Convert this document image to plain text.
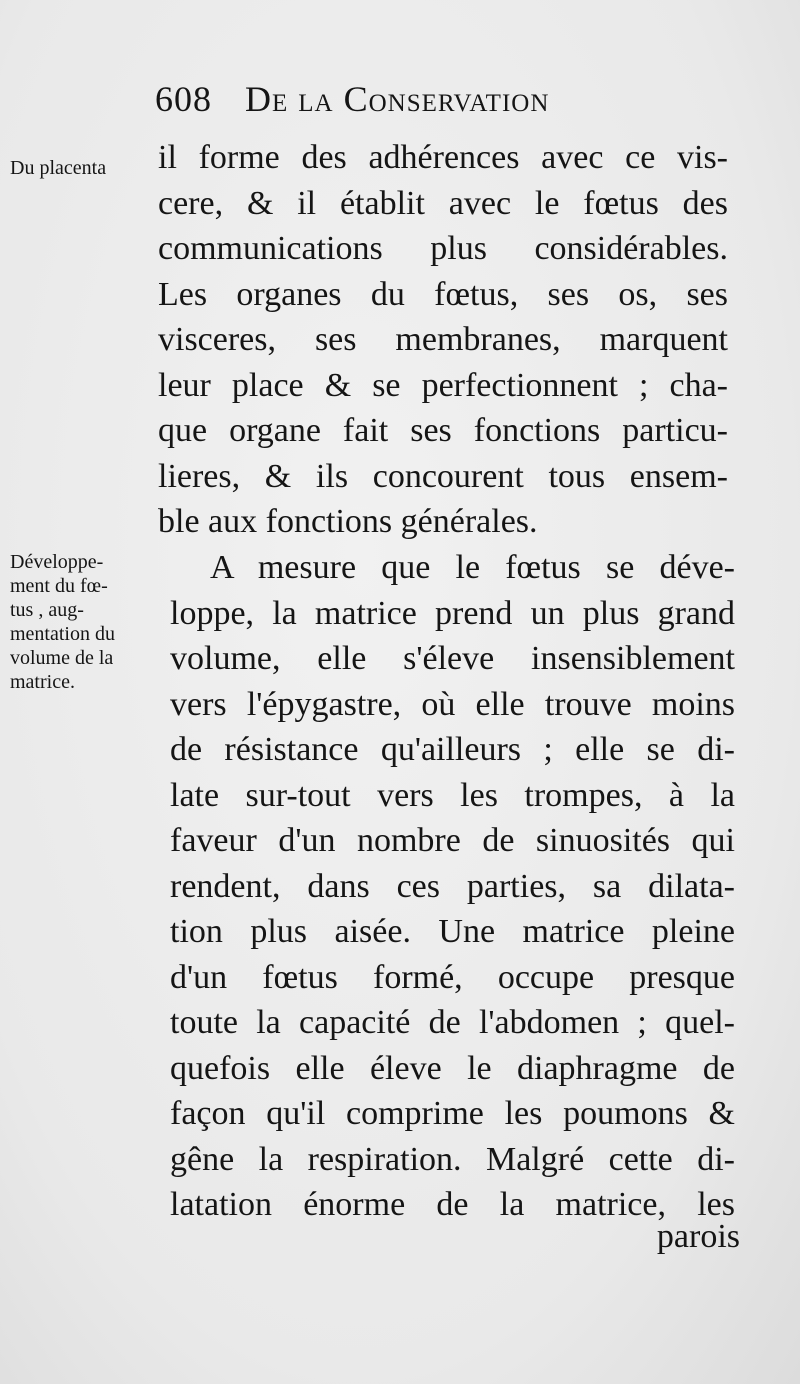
608 De la Conservation
Du placenta
Développe-
ment du fœ-
tus , aug-
mentation du
volume de la
matrice.
il forme des adhérences avec ce vis-
cere, & il établit avec le fœtus des
communications plus considérables.
Les organes du fœtus, ses os, ses
visceres, ses membranes, marquent
leur place & se perfectionnent ; cha-
que organe fait ses fonctions particu-
lieres, & ils concourent tous ensem-
ble aux fonctions générales.
A mesure que le fœtus se déve-
loppe, la matrice prend un plus grand
volume, elle s'éleve insensiblement
vers l'épygastre, où elle trouve moins
de résistance qu'ailleurs ; elle se di-
late sur-tout vers les trompes, à la
faveur d'un nombre de sinuosités qui
rendent, dans ces parties, sa dilata-
tion plus aisée. Une matrice pleine
d'un fœtus formé, occupe presque
toute la capacité de l'abdomen ; quel-
quefois elle éleve le diaphragme de
façon qu'il comprime les poumons &
gêne la respiration. Malgré cette di-
latation énorme de la matrice, les
parois
